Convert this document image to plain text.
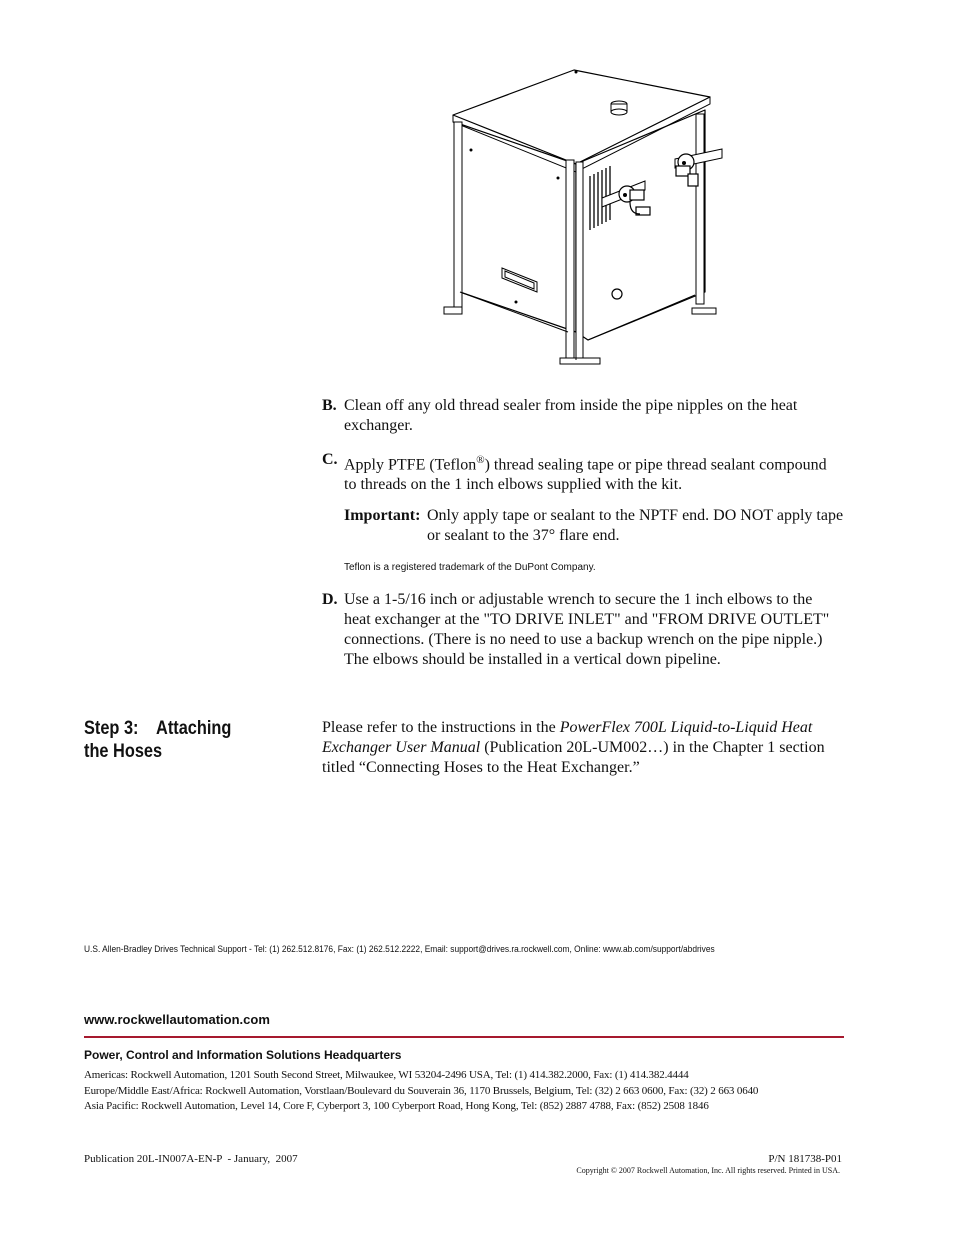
B. Clean off any old thread sealer from inside the pipe nipples on the heat exchanger.
C. Apply PTFE (Teflon®) thread sealing tape or pipe thread sealant compound to threads on the 1 inch elbows supplied with the kit.
Important: Only apply tape or sealant to the NPTF end. DO NOT apply tape or sealant to the 37° flare end.
Teflon is a registered trademark of the DuPont Company.
D. Use a 1-5/16 inch or adjustable wrench to secure the 1 inch elbows to the heat exchanger at the "TO DRIVE INLET" and "FROM DRIVE OUTLET" connections. (There is no need to use a backup wrench on the pipe nipple.) The elbows should be installed in a vertical down pipeline.
Step 3:    Attaching the Hoses
Please refer to the instructions in the PowerFlex 700L Liquid-to-Liquid Heat Exchanger User Manual (Publication 20L-UM002…) in the Chapter 1 section titled “Connecting Hoses to the Heat Exchanger.”
U.S. Allen-Bradley Drives Technical Support - Tel: (1) 262.512.8176, Fax: (1) 262.512.2222, Email: support@drives.ra.rockwell.com, Online: www.ab.com/support/abdrives
www.rockwellautomation.com
Power, Control and Information Solutions Headquarters
Americas: Rockwell Automation, 1201 South Second Street, Milwaukee, WI 53204-2496 USA, Tel: (1) 414.382.2000, Fax: (1) 414.382.4444
Europe/Middle East/Africa: Rockwell Automation, Vorstlaan/Boulevard du Souverain 36, 1170 Brussels, Belgium, Tel: (32) 2 663 0600, Fax: (32) 2 663 0640
Asia Pacific: Rockwell Automation, Level 14, Core F, Cyberport 3, 100 Cyberport Road, Hong Kong, Tel: (852) 2887 4788, Fax: (852) 2508 1846
Publication 20L-IN007A-EN-P  - January,  2007	P/N 181738-P01
Copyright © 2007 Rockwell Automation, Inc. All rights reserved. Printed in USA.
